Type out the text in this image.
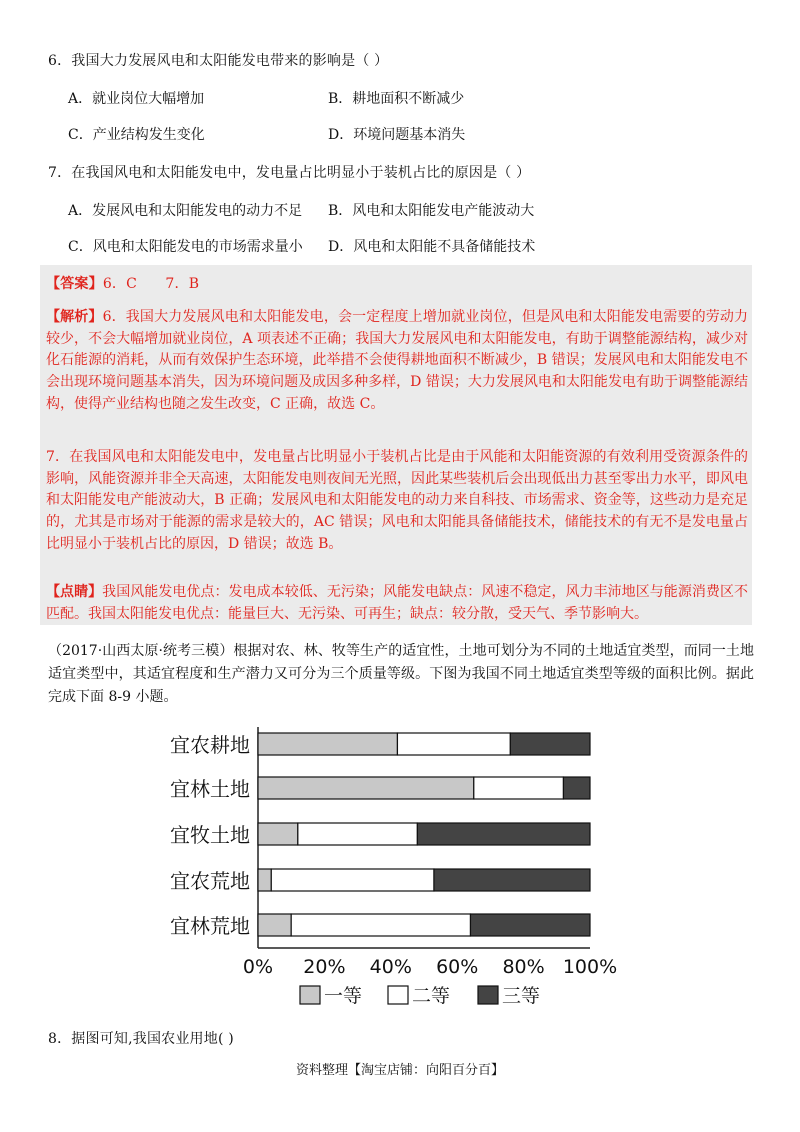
6．我国大力发展风电和太阳能发电带来的影响是（ ）
A．就业岗位大幅增加	B．耕地面积不断减少
C．产业结构发生变化	D．环境问题基本消失
7．在我国风电和太阳能发电中，发电量占比明显小于装机占比的原因是（ ）
A．发展风电和太阳能发电的动力不足 B．风电和太阳能发电产能波动大
C．风电和太阳能发电的市场需求量小 D．风电和太阳能不具备储能技术
【答案】6．C　　7．B

【解析】6．我国大力发展风电和太阳能发电，会一定程度上增加就业岗位，但是风电和太阳能发电需要的劳动力较少，不会大幅增加就业岗位，A 项表述不正确；我国大力发展风电和太阳能发电，有助于调整能源结构，减少对化石能源的消耗，从而有效保护生态环境，此举措不会使得耕地面积不断减少，B 错误；发展风电和太阳能发电不会出现环境问题基本消失，因为环境问题及成因多种多样，D 错误；大力发展风电和太阳能发电有助于调整能源结构，使得产业结构也随之发生改变，C 正确，故选 C。

7．在我国风电和太阳能发电中，发电量占比明显小于装机占比是由于风能和太阳能资源的有效利用受资源条件的影响，风能资源并非全天高速，太阳能发电则夜间无光照，因此某些装机后会出现低出力甚至零出力水平，即风电和太阳能发电产能波动大，B 正确；发展风电和太阳能发电的动力来自科技、市场需求、资金等，这些动力是充足的，尤其是市场对于能源的需求是较大的，AC 错误；风电和太阳能具备储能技术，储能技术的有无不是发电量占比明显小于装机占比的原因，D 错误；故选 B。

【点睛】我国风能发电优点：发电成本较低、无污染；风能发电缺点：风速不稳定，风力丰沛地区与能源消费区不匹配。我国太阳能发电优点：能量巨大、无污染、可再生；缺点：较分散，受天气、季节影响大。

（2017·山西太原·统考三模）根据对农、林、牧等生产的适宜性，土地可划分为不同的土地适宜类型，而同一土地适宜类型中，其适宜程度和生产潜力又可分为三个质量等级。下图为我国不同土地适宜类型等级的面积比例。据此完成下面 8-9 小题。

宜农耕地
宜林土地
宜牧土地
宜农荒地
宜林荒地
0% 20% 40% 60% 80% 100%
一等	二等	三等
8．据图可知,我国农业用地( )
资料整理【淘宝店铺：向阳百分百】
